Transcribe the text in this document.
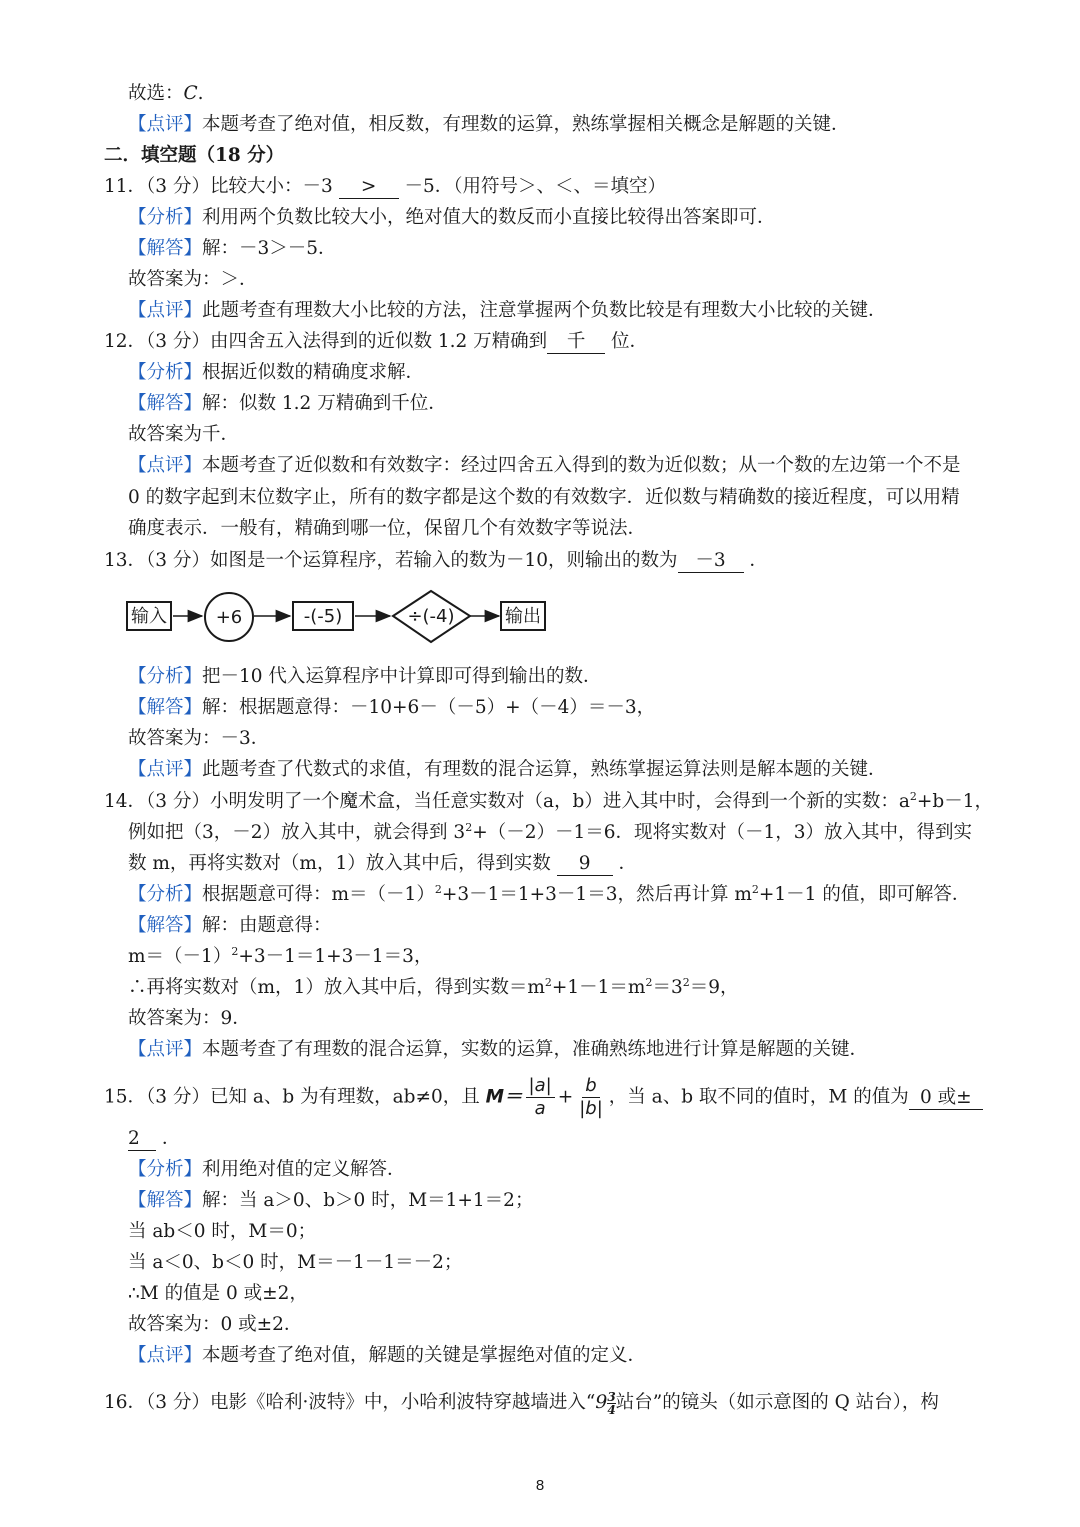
故选：C.
【点评】本题考查了绝对值，相反数，有理数的运算，熟练掌握相关概念是解题的关键．
二．填空题（18 分）
11．（3 分）比较大小：－3 > －5．（用符号＞、＜、＝填空）
【分析】利用两个负数比较大小，绝对值大的数反而小直接比较得出答案即可．
【解答】解：－3＞－5．
故答案为：＞．
【点评】此题考查有理数大小比较的方法，注意掌握两个负数比较是有理数大小比较的关键．
12．（3 分）由四舍五入法得到的近似数 1.2 万精确到 千 位．
【分析】根据近似数的精确度求解．
【解答】解：似数 1.2 万精确到千位．
故答案为千．
【点评】本题考查了近似数和有效数字：经过四舍五入得到的数为近似数；从一个数的左边第一个不是
0 的数字起到末位数字止，所有的数字都是这个数的有效数字．近似数与精确数的接近程度，可以用精
确度表示．一般有，精确到哪一位，保留几个有效数字等说法．
13．（3 分）如图是一个运算程序，若输入的数为－10，则输出的数为 －3 ．
输入	+6	-(-5)	÷(-4)	输出
【分析】把－10 代入运算程序中计算即可得到输出的数．
【解答】解：根据题意得：－10+6－（－5）+（－4）＝－3，
故答案为：－3．
【点评】此题考查了代数式的求值，有理数的混合运算，熟练掌握运算法则是解本题的关键．
14．（3 分）小明发明了一个魔术盒，当任意实数对（a，b）进入其中时，会得到一个新的实数：$a^2+b-1$，
例如把（3，－2）放入其中，就会得到 $3^2+(-2)-1=6$．现将实数对（－1，3）放入其中，得到实
数 m，再将实数对（m，1）放入其中后，得到实数 9 ．
【分析】根据题意可得：$m=(-1)^2+3-1=1+3-1=3$，然后再计算 $m^2+1-1$ 的值，即可解答．
【解答】解：由题意得：
$m=(-1)^2+3-1=1+3-1=3$，
∴再将实数对（m，1）放入其中后，得到实数$=m^2+1-1=m^2=3^2=9$，
故答案为：9．
【点评】本题考查了有理数的混合运算，实数的运算，准确熟练地进行计算是解题的关键．
15．（3 分）已知 a、b 为有理数，ab≠0，且 $M= \frac{|a|}{a} + \frac{b}{|b|}$ ，当 a、b 取不同的值时，M 的值为 0 或±
2 ．
【分析】利用绝对值的定义解答．
【解答】解：当 a＞0、b＞0 时，M＝1+1＝2；
当 ab＜0 时，M＝0；
当 a＜0、b＜0 时，M＝－1－1＝－2；
∴M 的值是 0 或±2，
故答案为：0 或±2．
【点评】本题考查了绝对值，解题的关键是掌握绝对值的定义．
16．（3 分）电影《哈利·波特》中，小哈利波特穿越墙进入“$9 \frac{3}{4}$ 站台”的镜头（如示意图的 Q 站台），构
8
